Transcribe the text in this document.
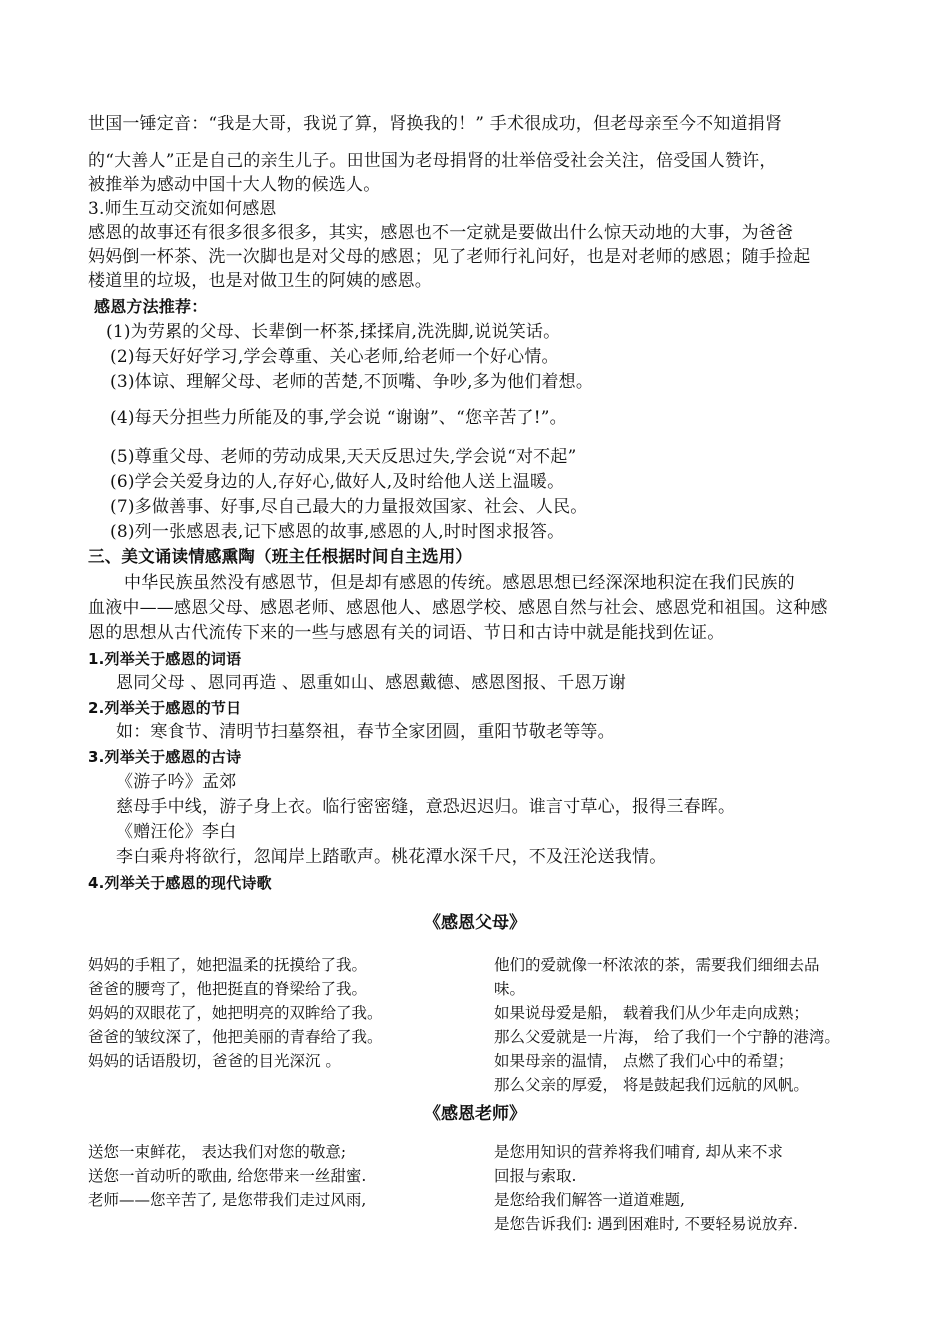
世国一锤定音：“我是大哥，我说了算，肾换我的！” 手术很成功，但老母亲至今不知道捐肾
的“大善人”正是自己的亲生儿子。田世国为老母捐肾的壮举倍受社会关注，倍受国人赞许，
被推举为感动中国十大人物的候选人。
3.师生互动交流如何感恩
感恩的故事还有很多很多很多，其实，感恩也不一定就是要做出什么惊天动地的大事，为爸爸
妈妈倒一杯茶、洗一次脚也是对父母的感恩；见了老师行礼问好，也是对老师的感恩；随手捡起
楼道里的垃圾，也是对做卫生的阿姨的感恩。
感恩方法推荐：
(1)为劳累的父母、长辈倒一杯茶,揉揉肩,洗洗脚,说说笑话。
(2)每天好好学习,学会尊重、关心老师,给老师一个好心情。
(3)体谅、理解父母、老师的苦楚,不顶嘴、争吵,多为他们着想。
(4)每天分担些力所能及的事,学会说 “谢谢”、“您辛苦了!”。
(5)尊重父母、老师的劳动成果,天天反思过失,学会说“对不起”
(6)学会关爱身边的人,存好心,做好人,及时给他人送上温暖。
(7)多做善事、好事,尽自己最大的力量报效国家、社会、人民。
(8)列一张感恩表,记下感恩的故事,感恩的人,时时图求报答。
三、美文诵读情感熏陶（班主任根据时间自主选用）
中华民族虽然没有感恩节，但是却有感恩的传统。感恩思想已经深深地积淀在我们民族的
血液中——感恩父母、感恩老师、感恩他人、感恩学校、感恩自然与社会、感恩党和祖国。这种感
恩的思想从古代流传下来的一些与感恩有关的词语、节日和古诗中就是能找到佐证。
1.列举关于感恩的词语
恩同父母 、恩同再造 、恩重如山、感恩戴德、感恩图报、千恩万谢
2.列举关于感恩的节日
如：寒食节、清明节扫墓祭祖，春节全家团圆，重阳节敬老等等。
3.列举关于感恩的古诗
《游子吟》孟郊
慈母手中线，游子身上衣。临行密密缝，意恐迟迟归。谁言寸草心，报得三春晖。
《赠汪伦》李白
李白乘舟将欲行，忽闻岸上踏歌声。桃花潭水深千尺，不及汪沦送我情。
4.列举关于感恩的现代诗歌
《感恩父母》
妈妈的手粗了，她把温柔的抚摸给了我。
爸爸的腰弯了，他把挺直的脊梁给了我。
妈妈的双眼花了，她把明亮的双眸给了我。
爸爸的皱纹深了，他把美丽的青春给了我。
妈妈的话语殷切，爸爸的目光深沉 。
他们的爱就像一杯浓浓的茶，需要我们细细去品
味。
如果说母爱是船， 载着我们从少年走向成熟；
那么父爱就是一片海， 给了我们一个宁静的港湾。
如果母亲的温情， 点燃了我们心中的希望；
那么父亲的厚爱， 将是鼓起我们远航的风帆。
《感恩老师》
送您一束鲜花， 表达我们对您的敬意;
送您一首动听的歌曲, 给您带来一丝甜蜜.
老师——您辛苦了, 是您带我们走过风雨,
是您用知识的营养将我们哺育, 却从来不求
回报与索取.
是您给我们解答一道道难题,
是您告诉我们: 遇到困难时, 不要轻易说放弃.
